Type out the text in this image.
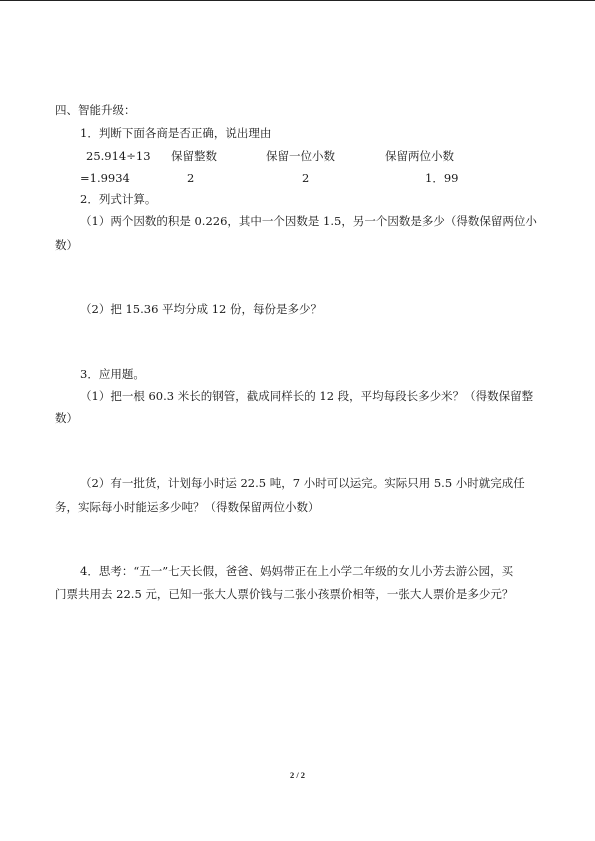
四、智能升级：
1．判断下面各商是否正确，说出理由
25.914÷13 保留整数	保留一位小数	保留两位小数
=1.9934	2	2	1．99
2．列式计算。
（1）两个因数的积是 0.226，其中一个因数是 1.5，另一个因数是多少（得数保留两位小
数）
（2）把 15.36 平均分成 12 份，每份是多少？
3．应用题。
（1）把一根 60.3 米长的钢管，截成同样长的 12 段，平均每段长多少米？（得数保留整
数）
（2）有一批货，计划每小时运 22.5 吨，7 小时可以运完。实际只用 5.5 小时就完成任
务，实际每小时能运多少吨？（得数保留两位小数）
4．思考：“五一”七天长假，爸爸、妈妈带正在上小学二年级的女儿小芳去游公园，买
门票共用去 22.5 元，已知一张大人票价钱与二张小孩票价相等，一张大人票价是多少元？
2 / 2
